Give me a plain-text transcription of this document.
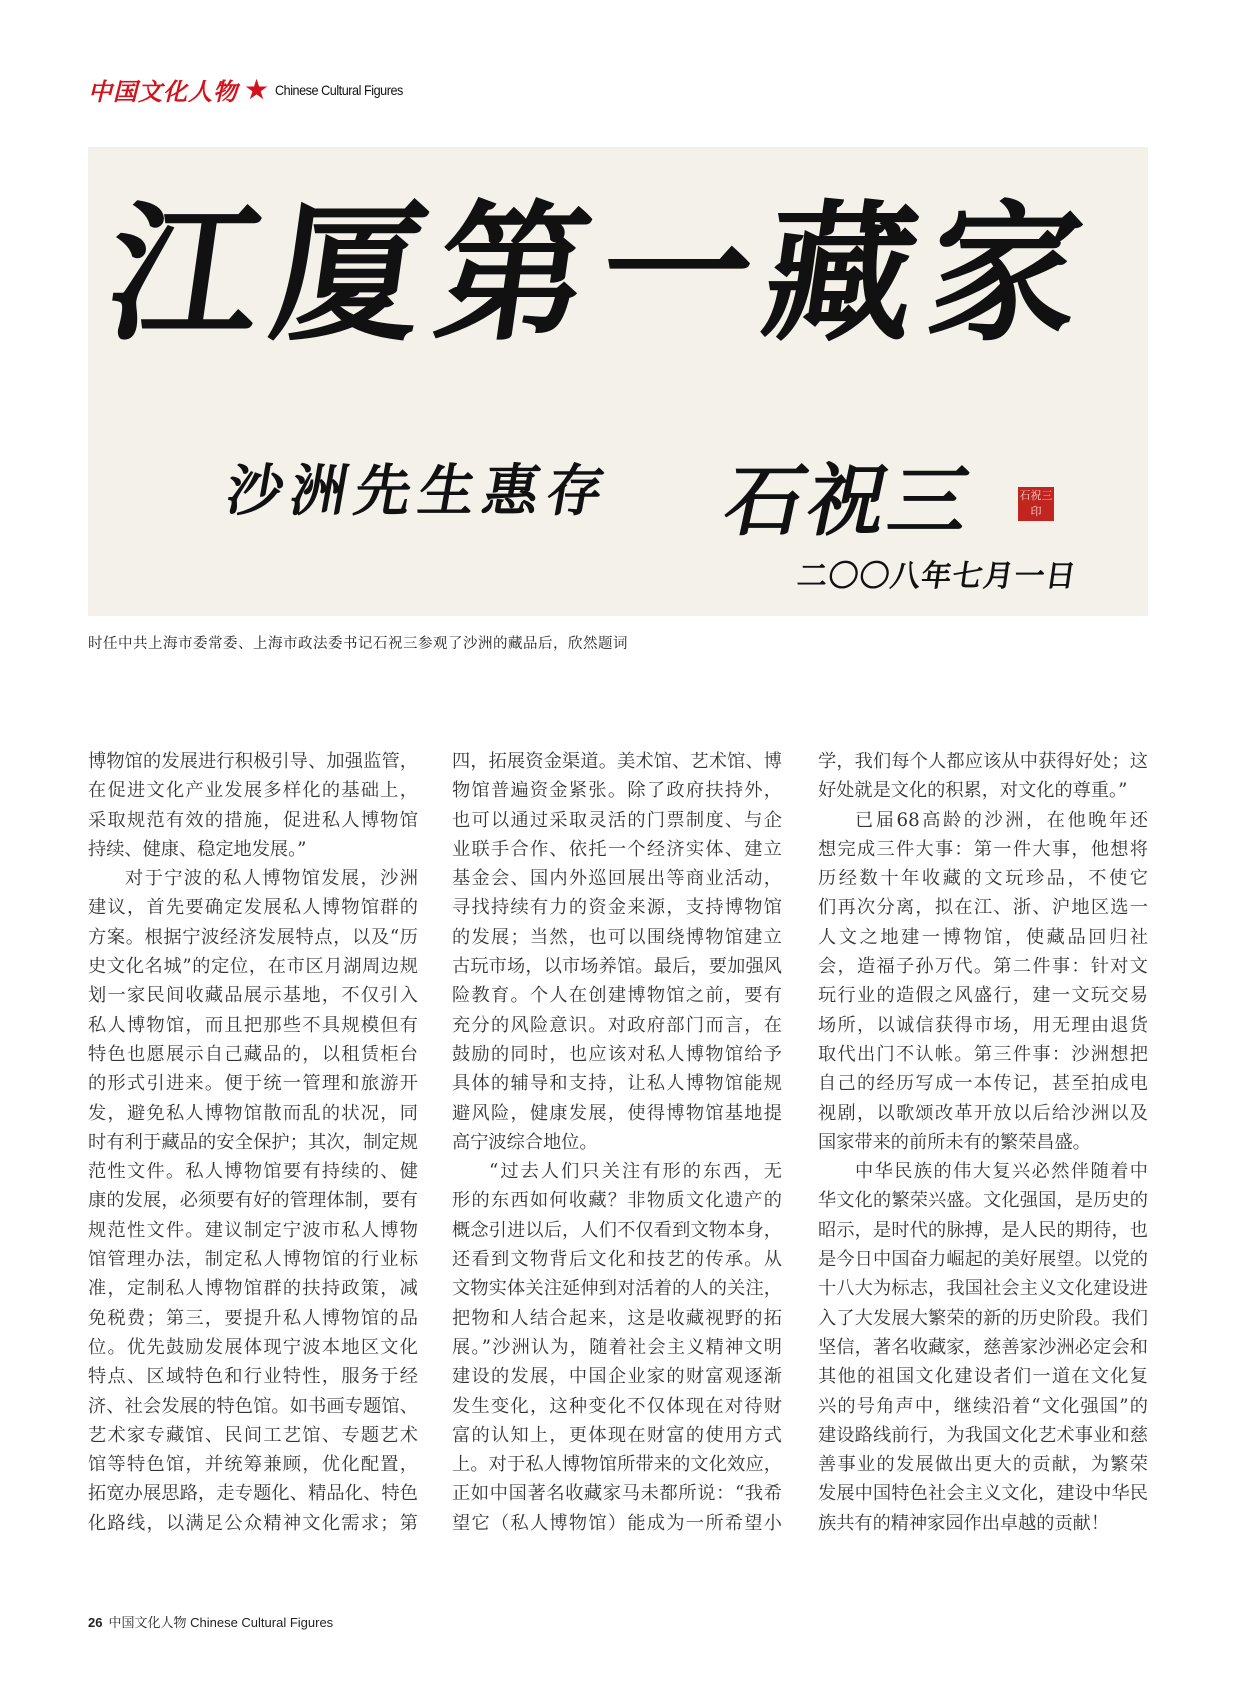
中国文化人物 ★ Chinese Cultural Figures
江厦第一藏家
沙洲先生惠存 石祝三	石祝三印
二〇〇八年七月一日
时任中共上海市委常委、上海市政法委书记石祝三参观了沙洲的藏品后，欣然题词
博物馆的发展进行积极引导、加强监管，
在促进文化产业发展多样化的基础上，
采取规范有效的措施，促进私人博物馆
持续、健康、稳定地发展。”
对于宁波的私人博物馆发展，沙洲
建议，首先要确定发展私人博物馆群的
方案。根据宁波经济发展特点，以及“历
史文化名城”的定位，在市区月湖周边规
划一家民间收藏品展示基地，不仅引入
私人博物馆，而且把那些不具规模但有
特色也愿展示自己藏品的，以租赁柜台
的形式引进来。便于统一管理和旅游开
发，避免私人博物馆散而乱的状况，同
时有利于藏品的安全保护；其次，制定规
范性文件。私人博物馆要有持续的、健
康的发展，必须要有好的管理体制，要有
规范性文件。建议制定宁波市私人博物
馆管理办法，制定私人博物馆的行业标
准，定制私人博物馆群的扶持政策，减
免税费；第三，要提升私人博物馆的品
位。优先鼓励发展体现宁波本地区文化
特点、区域特色和行业特性，服务于经
济、社会发展的特色馆。如书画专题馆、
艺术家专藏馆、民间工艺馆、专题艺术
馆等特色馆，并统筹兼顾，优化配置，
拓宽办展思路，走专题化、精品化、特色
化路线，以满足公众精神文化需求；第
四，拓展资金渠道。美术馆、艺术馆、博
物馆普遍资金紧张。除了政府扶持外，
也可以通过采取灵活的门票制度、与企
业联手合作、依托一个经济实体、建立
基金会、国内外巡回展出等商业活动，
寻找持续有力的资金来源，支持博物馆
的发展；当然，也可以围绕博物馆建立
古玩市场，以市场养馆。最后，要加强风
险教育。个人在创建博物馆之前，要有
充分的风险意识。对政府部门而言，在
鼓励的同时，也应该对私人博物馆给予
具体的辅导和支持，让私人博物馆能规
避风险，健康发展，使得博物馆基地提
高宁波综合地位。
“过去人们只关注有形的东西，无
形的东西如何收藏？非物质文化遗产的
概念引进以后，人们不仅看到文物本身，
还看到文物背后文化和技艺的传承。从
文物实体关注延伸到对活着的人的关注，
把物和人结合起来，这是收藏视野的拓
展。”沙洲认为，随着社会主义精神文明
建设的发展，中国企业家的财富观逐渐
发生变化，这种变化不仅体现在对待财
富的认知上，更体现在财富的使用方式
上。对于私人博物馆所带来的文化效应，
正如中国著名收藏家马未都所说：“我希
望它（私人博物馆）能成为一所希望小
学，我们每个人都应该从中获得好处；这
好处就是文化的积累，对文化的尊重。”
已届68高龄的沙洲，在他晚年还
想完成三件大事：第一件大事，他想将
历经数十年收藏的文玩珍品，不使它
们再次分离，拟在江、浙、沪地区选一
人文之地建一博物馆，使藏品回归社
会，造福子孙万代。第二件事：针对文
玩行业的造假之风盛行，建一文玩交易
场所，以诚信获得市场，用无理由退货
取代出门不认帐。第三件事：沙洲想把
自己的经历写成一本传记，甚至拍成电
视剧，以歌颂改革开放以后给沙洲以及
国家带来的前所未有的繁荣昌盛。
中华民族的伟大复兴必然伴随着中
华文化的繁荣兴盛。文化强国，是历史的
昭示，是时代的脉搏，是人民的期待，也
是今日中国奋力崛起的美好展望。以党的
十八大为标志，我国社会主义文化建设进
入了大发展大繁荣的新的历史阶段。我们
坚信，著名收藏家，慈善家沙洲必定会和
其他的祖国文化建设者们一道在文化复
兴的号角声中，继续沿着“文化强国”的
建设路线前行，为我国文化艺术事业和慈
善事业的发展做出更大的贡献，为繁荣
发展中国特色社会主义文化，建设中华民
族共有的精神家园作出卓越的贡献！
26 中国文化人物 Chinese Cultural Figures
